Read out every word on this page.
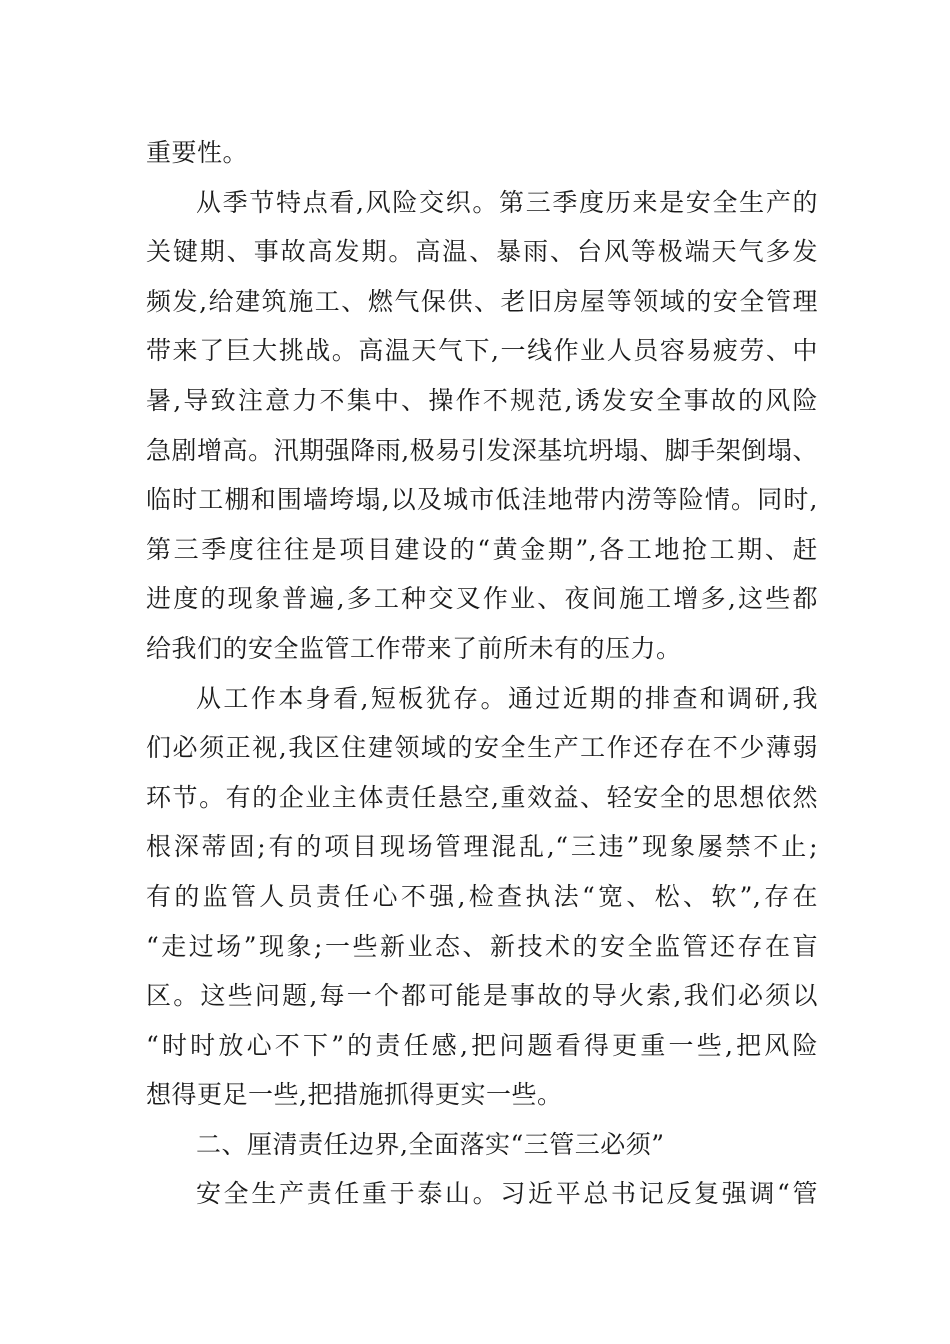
重要性。
从季节特点看,风险交织。第三季度历来是安全生产的
关键期、事故高发期。高温、暴雨、台风等极端天气多发
频发,给建筑施工、燃气保供、老旧房屋等领域的安全管理
带来了巨大挑战。高温天气下,一线作业人员容易疲劳、中
暑,导致注意力不集中、操作不规范,诱发安全事故的风险
急剧增高。汛期强降雨,极易引发深基坑坍塌、脚手架倒塌、
临时工棚和围墙垮塌,以及城市低洼地带内涝等险情。同时,
第三季度往往是项目建设的“黄金期”,各工地抢工期、赶
进度的现象普遍,多工种交叉作业、夜间施工增多,这些都
给我们的安全监管工作带来了前所未有的压力。
从工作本身看,短板犹存。通过近期的排查和调研,我
们必须正视,我区住建领域的安全生产工作还存在不少薄弱
环节。有的企业主体责任悬空,重效益、轻安全的思想依然
根深蒂固;有的项目现场管理混乱,“三违”现象屡禁不止;
有的监管人员责任心不强,检查执法“宽、松、软”,存在
“走过场”现象;一些新业态、新技术的安全监管还存在盲
区。这些问题,每一个都可能是事故的导火索,我们必须以
“时时放心不下”的责任感,把问题看得更重一些,把风险
想得更足一些,把措施抓得更实一些。
二、厘清责任边界,全面落实“三管三必须”
安全生产责任重于泰山。习近平总书记反复强调“管
